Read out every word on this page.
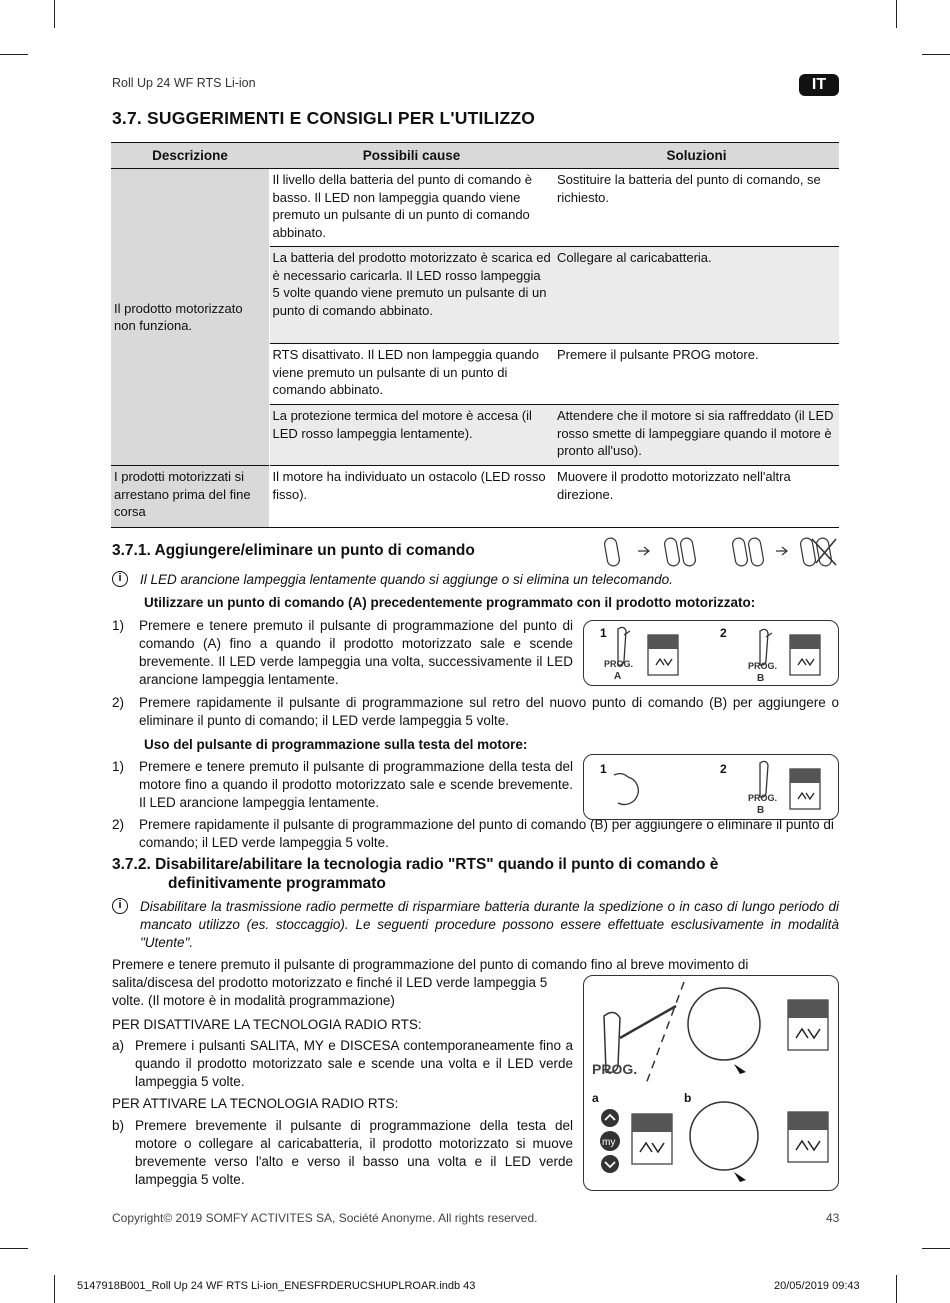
Roll Up 24 WF RTS Li-ion	IT
3.7. SUGGERIMENTI E CONSIGLI PER L'UTILIZZO
Descrizione	Possibili cause	Soluzioni
Il prodotto motorizzato non funziona.	Il livello della batteria del punto di comando è basso. Il LED non lampeggia quando viene premuto un pulsante di un punto di comando abbinato.	Sostituire la batteria del punto di comando, se richiesto.
	La batteria del prodotto motorizzato è scarica ed è necessario caricarla. Il LED rosso lampeggia 5 volte quando viene premuto un pulsante di un punto di comando abbinato.	Collegare al caricabatteria.
	RTS disattivato. Il LED non lampeggia quando viene premuto un pulsante di un punto di comando abbinato.	Premere il pulsante PROG motore.
	La protezione termica del motore è accesa (il LED rosso lampeggia lentamente).	Attendere che il motore si sia raffreddato (il LED rosso smette di lampeggiare quando il motore è pronto all'uso).
I prodotti motorizzati si arrestano prima del fine corsa	Il motore ha individuato un ostacolo (LED rosso fisso).	Muovere il prodotto motorizzato nell'altra direzione.
3.7.1. Aggiungere/eliminare un punto di comando
i	Il LED arancione lampeggia lentamente quando si aggiunge o si elimina un telecomando.
Utilizzare un punto di comando (A) precedentemente programmato con il prodotto motorizzato:
1) Premere e tenere premuto il pulsante di programmazione del punto di comando (A) fino a quando il prodotto motorizzato sale e scende brevemente. Il LED verde lampeggia una volta, successivamente il LED arancione lampeggia lentamente.
1	2
PROG.
A
PROG.
B
2) Premere rapidamente il pulsante di programmazione sul retro del nuovo punto di comando (B) per aggiungere o eliminare il punto di comando; il LED verde lampeggia 5 volte.
Uso del pulsante di programmazione sulla testa del motore:
1) Premere e tenere premuto il pulsante di programmazione della testa del motore fino a quando il prodotto motorizzato sale e scende brevemente. Il LED arancione lampeggia lentamente.
1	2
PROG.
B
2) Premere rapidamente il pulsante di programmazione del punto di comando (B) per aggiungere o eliminare il punto di comando; il LED verde lampeggia 5 volte.
3.7.2. Disabilitare/abilitare la tecnologia radio "RTS" quando il punto di comando è
definitivamente programmato
i	Disabilitare la trasmissione radio permette di risparmiare batteria durante la spedizione o in caso di lungo periodo di mancato utilizzo (es. stoccaggio). Le seguenti procedure possono essere effettuate esclusivamente in modalità "Utente".
Premere e tenere premuto il pulsante di programmazione del punto di comando fino al breve movimento di
salita/discesa del prodotto motorizzato e finché il LED verde lampeggia 5 volte. (Il motore è in modalità programmazione)
PER DISATTIVARE LA TECNOLOGIA RADIO RTS:
a) Premere i pulsanti SALITA, MY e DISCESA contemporaneamente fino a quando il prodotto motorizzato sale e scende una volta e il LED verde lampeggia 5 volte.
PER ATTIVARE LA TECNOLOGIA RADIO RTS:
b) Premere brevemente il pulsante di programmazione della testa del motore o collegare al caricabatteria, il prodotto motorizzato si muove brevemente verso l'alto e verso il basso una volta e il LED verde lampeggia 5 volte.
PROG.
a	b
my
Copyright© 2019 SOMFY ACTIVITES SA, Société Anonyme. All rights reserved.	43
5147918B001_Roll Up 24 WF RTS Li-ion_ENESFRDERUCSHUPLROAR.indb 43	20/05/2019 09:43
